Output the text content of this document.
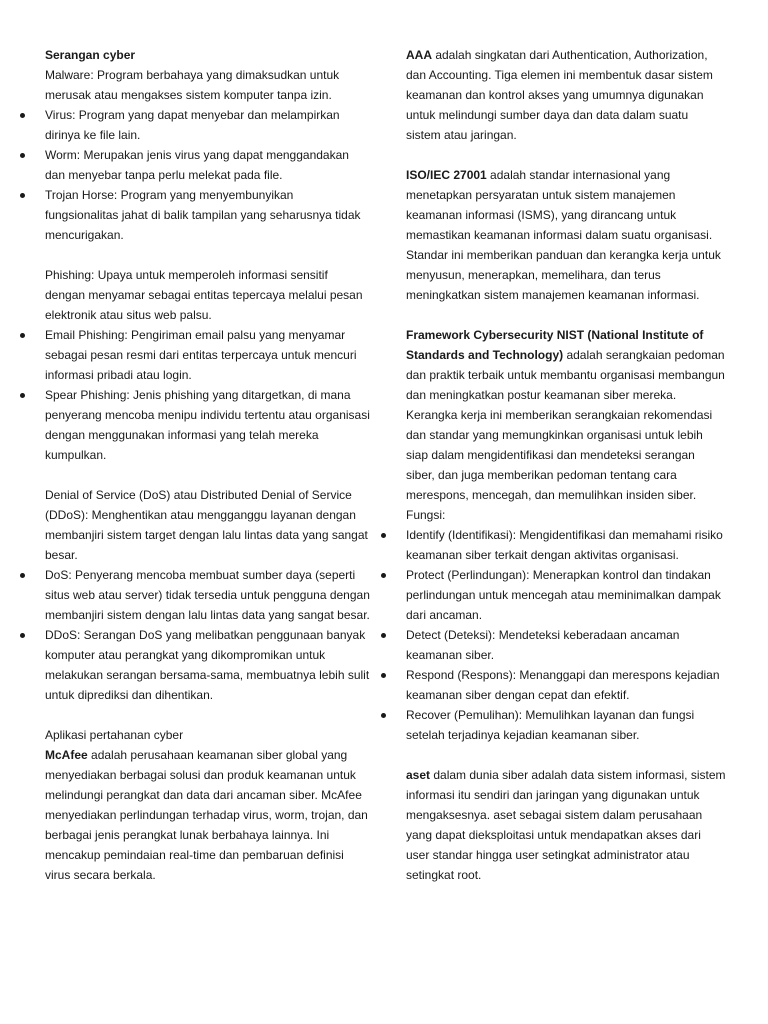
Serangan cyber

Malware: Program berbahaya yang dimaksudkan untuk merusak atau mengakses sistem komputer tanpa izin.

Virus: Program yang dapat menyebar dan melampirkan dirinya ke file lain.
Worm: Merupakan jenis virus yang dapat menggandakan dan menyebar tanpa perlu melekat pada file.
Trojan Horse: Program yang menyembunyikan fungsionalitas jahat di balik tampilan yang seharusnya tidak mencurigakan.

Phishing: Upaya untuk memperoleh informasi sensitif dengan menyamar sebagai entitas tepercaya melalui pesan elektronik atau situs web palsu.

Email Phishing: Pengiriman email palsu yang menyamar sebagai pesan resmi dari entitas terpercaya untuk mencuri informasi pribadi atau login.
Spear Phishing: Jenis phishing yang ditargetkan, di mana penyerang mencoba menipu individu tertentu atau organisasi dengan menggunakan informasi yang telah mereka kumpulkan.

Denial of Service (DoS) atau Distributed Denial of Service (DDoS): Menghentikan atau mengganggu layanan dengan membanjiri sistem target dengan lalu lintas data yang sangat besar.

DoS: Penyerang mencoba membuat sumber daya (seperti situs web atau server) tidak tersedia untuk pengguna dengan membanjiri sistem dengan lalu lintas data yang sangat besar.
DDoS: Serangan DoS yang melibatkan penggunaan banyak komputer atau perangkat yang dikompromikan untuk melakukan serangan bersama-sama, membuatnya lebih sulit untuk diprediksi dan dihentikan.

Aplikasi pertahanan cyber

McAfee adalah perusahaan keamanan siber global yang menyediakan berbagai solusi dan produk keamanan untuk melindungi perangkat dan data dari ancaman siber. McAfee menyediakan perlindungan terhadap virus, worm, trojan, dan berbagai jenis perangkat lunak berbahaya lainnya. Ini mencakup pemindaian real-time dan pembaruan definisi virus secara berkala.

AAA adalah singkatan dari Authentication, Authorization, dan Accounting. Tiga elemen ini membentuk dasar sistem keamanan dan kontrol akses yang umumnya digunakan untuk melindungi sumber daya dan data dalam suatu sistem atau jaringan.

ISO/IEC 27001 adalah standar internasional yang menetapkan persyaratan untuk sistem manajemen keamanan informasi (ISMS), yang dirancang untuk memastikan keamanan informasi dalam suatu organisasi. Standar ini memberikan panduan dan kerangka kerja untuk menyusun, menerapkan, memelihara, dan terus meningkatkan sistem manajemen keamanan informasi.

Framework Cybersecurity NIST (National Institute of Standards and Technology) adalah serangkaian pedoman dan praktik terbaik untuk membantu organisasi membangun dan meningkatkan postur keamanan siber mereka. Kerangka kerja ini memberikan serangkaian rekomendasi dan standar yang memungkinkan organisasi untuk lebih siap dalam mengidentifikasi dan mendeteksi serangan siber, dan juga memberikan pedoman tentang cara merespons, mencegah, dan memulihkan insiden siber. Fungsi:

Identify (Identifikasi): Mengidentifikasi dan memahami risiko keamanan siber terkait dengan aktivitas organisasi.
Protect (Perlindungan): Menerapkan kontrol dan tindakan perlindungan untuk mencegah atau meminimalkan dampak dari ancaman.
Detect (Deteksi): Mendeteksi keberadaan ancaman keamanan siber.
Respond (Respons): Menanggapi dan merespons kejadian keamanan siber dengan cepat dan efektif.
Recover (Pemulihan): Memulihkan layanan dan fungsi setelah terjadinya kejadian keamanan siber.

aset dalam dunia siber adalah data sistem informasi, sistem informasi itu sendiri dan jaringan yang digunakan untuk mengaksesnya. aset sebagai sistem dalam perusahaan yang dapat dieksploitasi untuk mendapatkan akses dari user standar hingga user setingkat administrator atau setingkat root.
